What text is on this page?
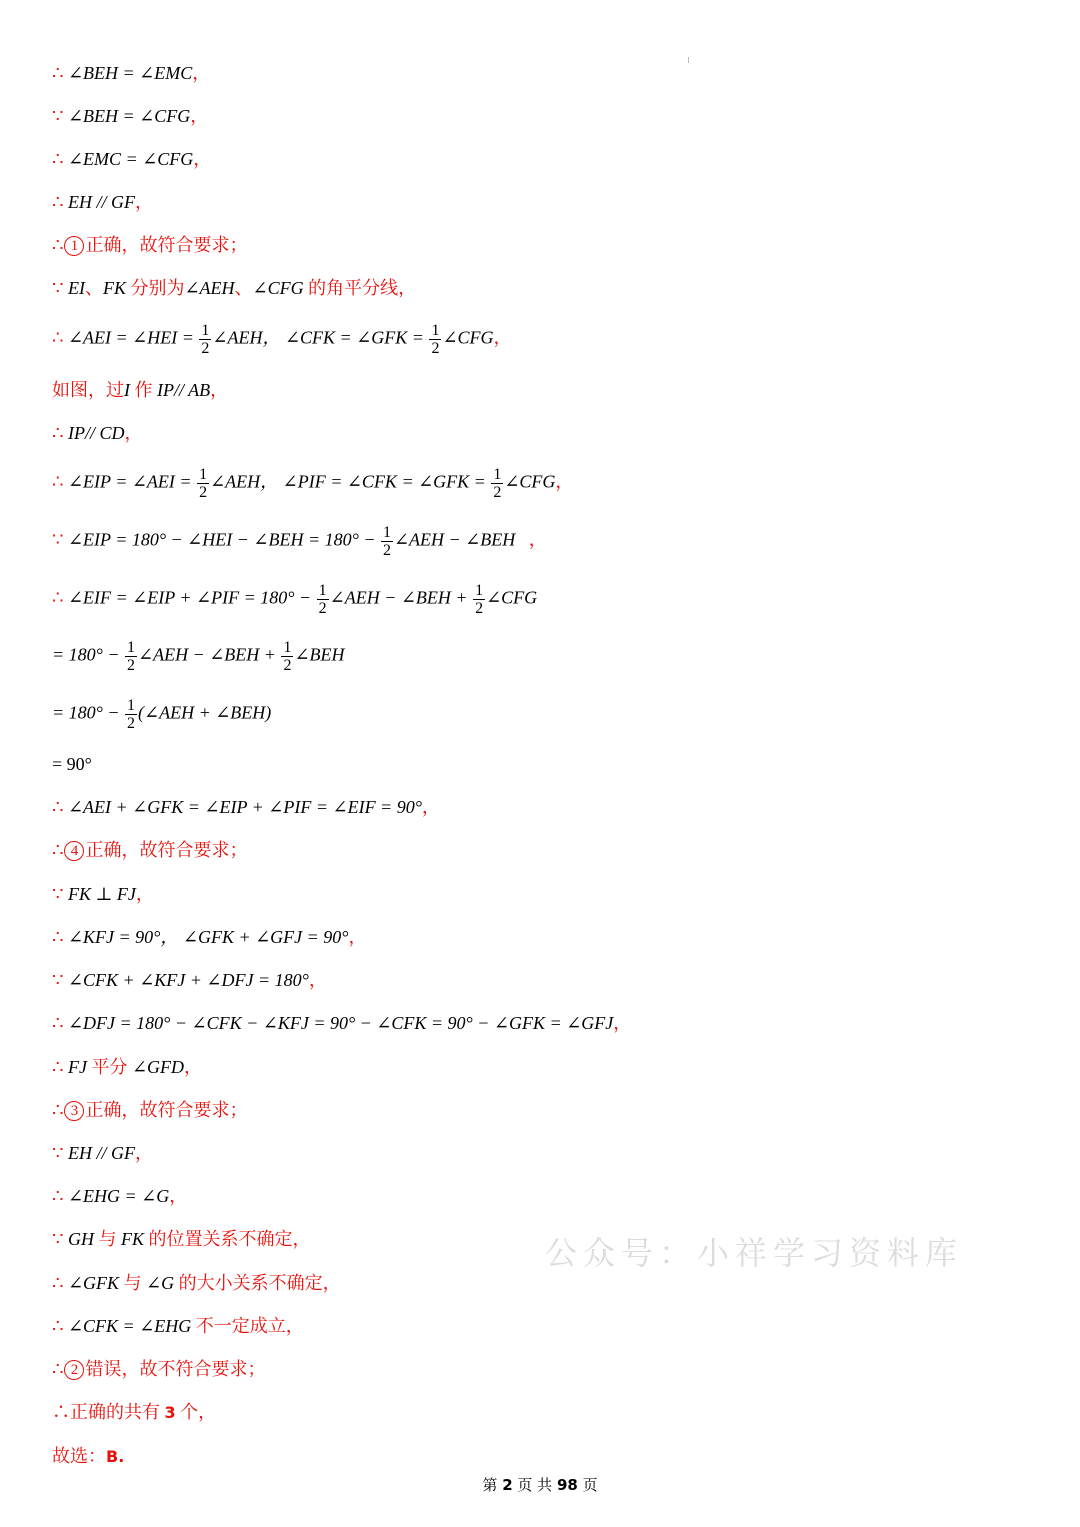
∴ ∠BEH = ∠EMC，
∵ ∠BEH = ∠CFG，
∴ ∠EMC = ∠CFG，
∴ EH // GF，
∴ 1 正确，故符合要求；
∵ EI、FK 分别为∠AEH、∠CFG 的角平分线，
∴ ∠AEI = ∠HEI = $\frac{1}{2}$ ∠AEH， ∠CFK = ∠GFK = $\frac{1}{2}$ ∠CFG，
如图，过I 作 IP// AB，
∴ IP// CD，
∴ ∠EIP = ∠AEI = $\frac{1}{2}$ ∠AEH， ∠PIF = ∠CFK = ∠GFK = $\frac{1}{2}$ ∠CFG，
∵ ∠EIP = 180° − ∠HEI − ∠BEH = $180^\circ - \frac{1}{2}$ ∠AEH − ∠BEH ，
∴ ∠EIF = ∠EIP + ∠PIF = $180^\circ - \frac{1}{2}$ ∠AEH − ∠BEH + $\frac{1}{2}$ ∠CFG
= $180^\circ - \frac{1}{2}$ ∠AEH − ∠BEH + $\frac{1}{2}$ ∠BEH
= $180^\circ - \frac{1}{2}$ (∠AEH + ∠BEH)
= 90°
∴ ∠AEI + ∠GFK = ∠EIP + ∠PIF = ∠EIF = 90°，
∴ 4 正确，故符合要求；
∵ FK ⊥ FJ，
∴ ∠KFJ = 90°， ∠GFK + ∠GFJ = 90°，
∵ ∠CFK + ∠KFJ + ∠DFJ = 180°，
∴ ∠DFJ = 180° − ∠CFK − ∠KFJ = 90° − ∠CFK = 90° − ∠GFK = ∠GFJ，
∴ FJ 平分 ∠GFD，
∴ 3 正确，故符合要求；
∵ EH // GF，
∴ ∠EHG = ∠G，
∵ GH 与 FK 的位置关系不确定，
∴ ∠GFK 与 ∠G 的大小关系不确定，
∴ ∠CFK = ∠EHG 不一定成立，
∴ 2 错误，故不符合要求；
∴正确的共有 3 个，
故选：B.
公众号：小祥学习资料库
第 2 页 共 98 页
